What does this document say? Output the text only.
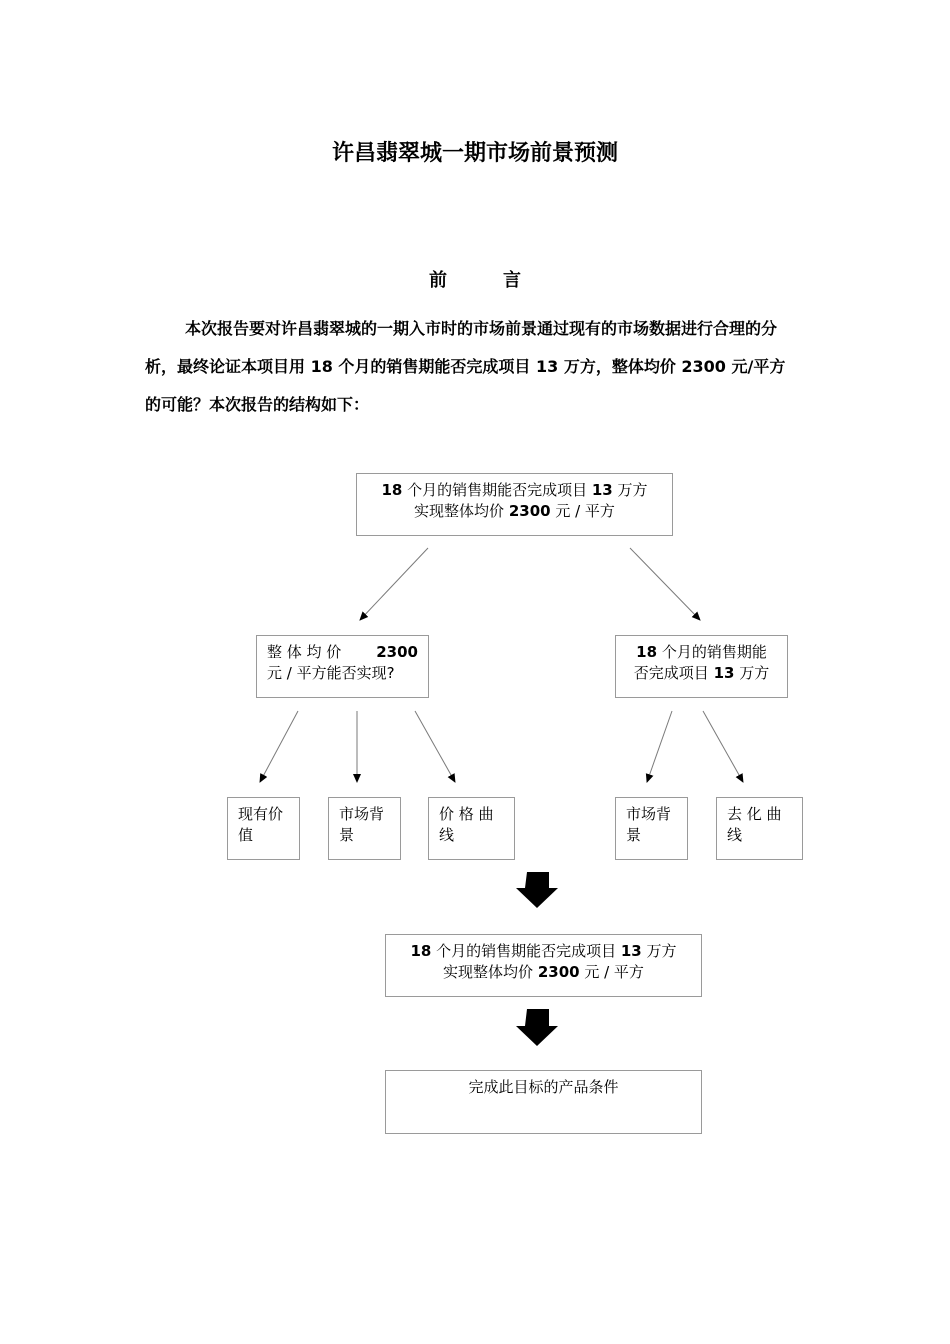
许昌翡翠城一期市场前景预测
前	言
本次报告要对许昌翡翠城的一期入市时的市场前景通过现有的市场数据进行合理的分
析，最终论证本项目用 18 个月的销售期能否完成项目 13 万方，整体均价 2300 元/平方
的可能？本次报告的结构如下：
18 个月的销售期能否完成项目 13 万方
实现整体均价 2300 元 / 平方
整 体 均 价 2300
元 / 平方能否实现?
18 个月的销售期能
否完成项目 13 万方
现有价
值
市场背
景
价 格 曲
线
市场背
景
去 化 曲
线
18 个月的销售期能否完成项目 13 万方
实现整体均价 2300 元 / 平方
完成此目标的产品条件
